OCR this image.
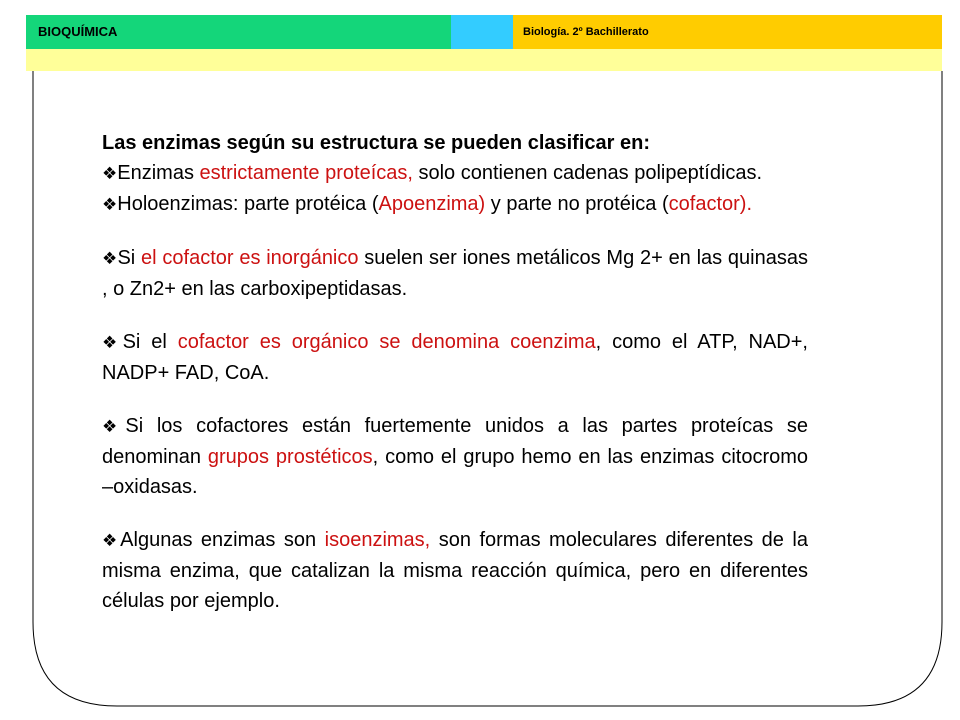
BIOQUÍMICA	Biología. 2º Bachillerato

Las enzimas según su estructura se pueden clasificar en:

❖Enzimas estrictamente proteícas, solo contienen cadenas polipeptídicas.

❖Holoenzimas: parte protéica (Apoenzima) y parte no protéica (cofactor).

❖Si el cofactor es inorgánico suelen ser iones metálicos Mg 2+ en las quinasas , o Zn2+ en las carboxipeptidasas.

❖Si el cofactor es orgánico se denomina coenzima, como el ATP, NAD+, NADP+ FAD, CoA.

❖Si los cofactores están fuertemente unidos a las partes proteícas se denominan grupos prostéticos, como el grupo hemo en las enzimas citocromo –oxidasas.

❖Algunas enzimas son isoenzimas, son formas moleculares diferentes de la misma enzima, que catalizan la misma reacción química, pero en diferentes células por ejemplo.
